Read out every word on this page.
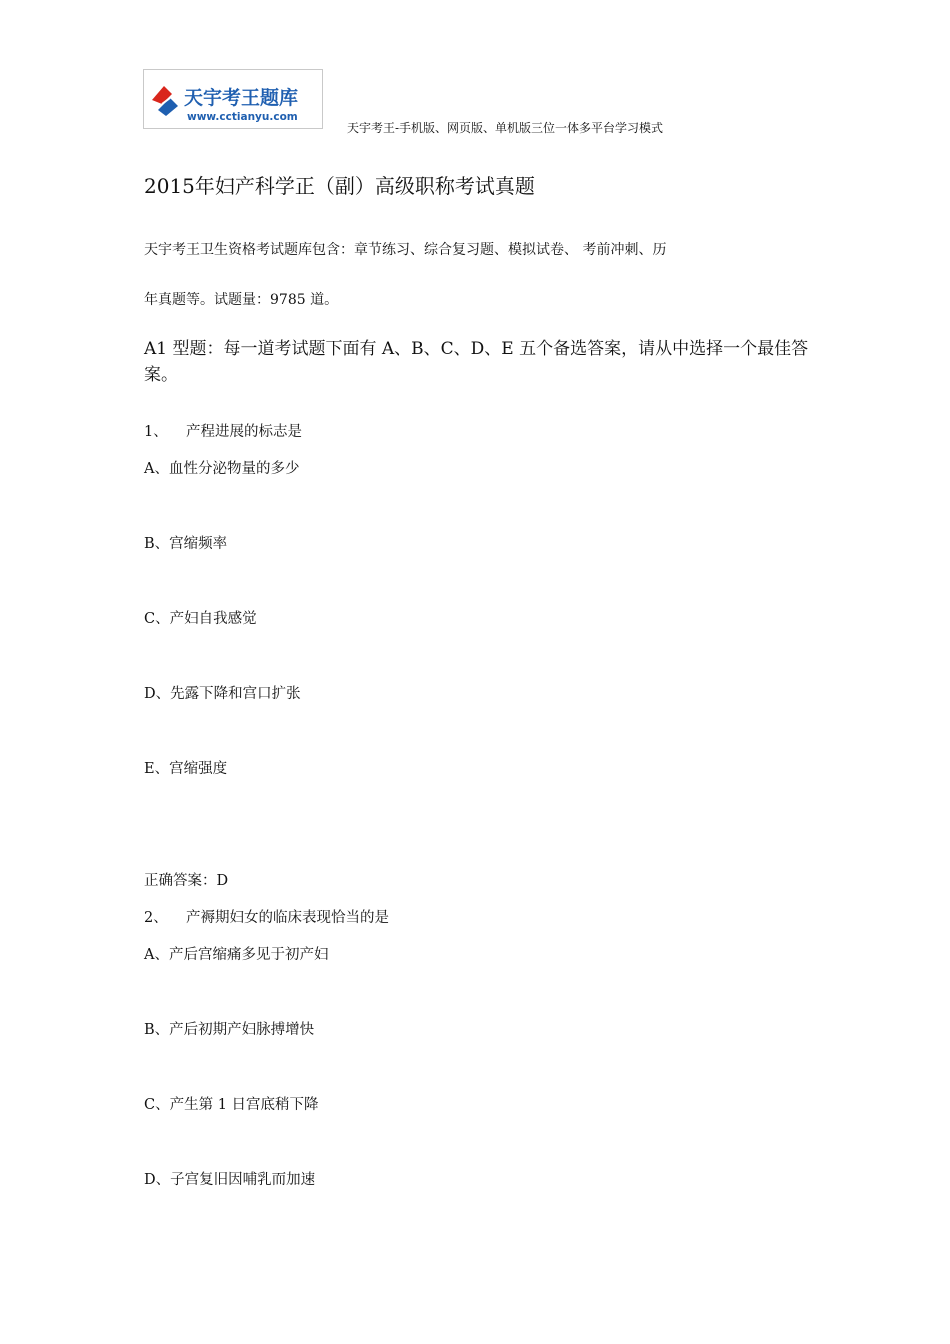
天宇考王题库
www.cctianyu.com
天宇考王-手机版、网页版、单机版三位一体多平台学习模式
2015年妇产科学正（副）高级职称考试真题
天宇考王卫生资格考试题库包含：章节练习、综合复习题、模拟试卷、 考前冲刺、历
年真题等。试题量：9785 道。
A1 型题：每一道考试题下面有 A、B、C、D、E 五个备选答案，请从中选择一个最佳答案。
1、 产程进展的标志是
A、血性分泌物量的多少
B、宫缩频率
C、产妇自我感觉
D、先露下降和宫口扩张
E、宫缩强度
正确答案：D
2、 产褥期妇女的临床表现恰当的是
A、产后宫缩痛多见于初产妇
B、产后初期产妇脉搏增快
C、产生第 1 日宫底稍下降
D、子宫复旧因哺乳而加速
